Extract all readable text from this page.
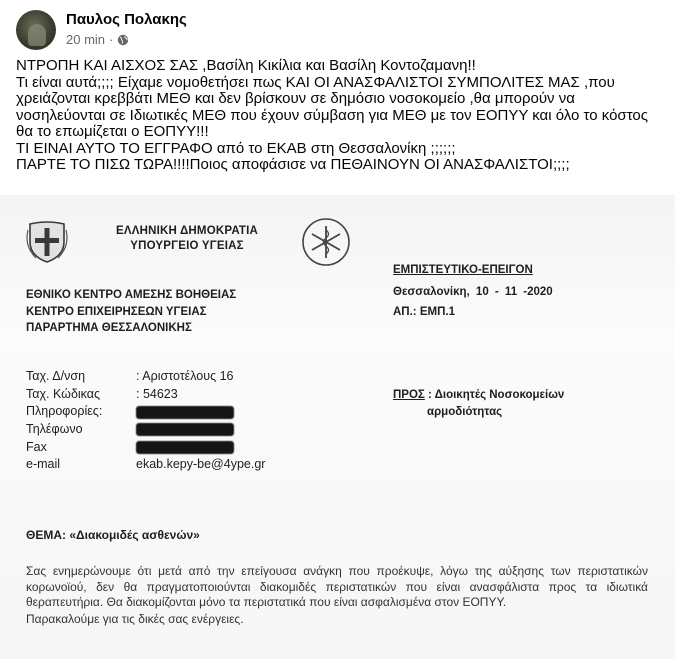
Παυλος Πολακης
20 min ·

ΝΤΡΟΠΗ ΚΑΙ ΑΙΣΧΟΣ ΣΑΣ ,Βασίλη Κικίλια και Βασίλη Κοντοζαμανη!!

Τι είναι αυτά;;;; Είχαμε νομοθετήσει πως ΚΑΙ ΟΙ ΑΝΑΣΦΑΛΙΣΤΟΙ ΣΥΜΠΟΛΙΤΕΣ ΜΑΣ ,που χρειάζονται κρεββάτι ΜΕΘ και δεν βρίσκουν σε δημόσιο νοσοκομείο ,θα μπορούν να νοσηλεύονται σε Ιδιωτικές ΜΕΘ που έχουν σύμβαση για ΜΕΘ με τον ΕΟΠΥΥ και όλο το κόστος θα το επωμίζεται ο ΕΟΠΥΥ!!!

ΤΙ ΕΙΝΑΙ ΑΥΤΟ ΤΟ ΕΓΓΡΑΦΟ από το ΕΚΑΒ στη Θεσσαλονίκη ;;;;;;

ΠΑΡΤΕ ΤΟ ΠΙΣΩ ΤΩΡΑ!!!!Ποιος αποφάσισε να ΠΕΘΑΙΝΟΥΝ ΟΙ ΑΝΑΣΦΑΛΙΣΤΟΙ;;;;

ΕΛΛΗΝΙΚΗ ΔΗΜΟΚΡΑΤΙΑ
ΥΠΟΥΡΓΕΙΟ ΥΓΕΙΑΣ
ΕΜΠΙΣΤΕΥΤΙΚΟ-ΕΠΕΙΓΟΝ
Θεσσαλονίκη, 10 - 11 -2020
ΑΠ.: ΕΜΠ.1
ΕΘΝΙΚΟ ΚΕΝΤΡΟ ΑΜΕΣΗΣ ΒΟΗΘΕΙΑΣ
ΚΕΝΤΡΟ ΕΠΙΧΕΙΡΗΣΕΩΝ ΥΓΕΙΑΣ
ΠΑΡΑΡΤΗΜΑ ΘΕΣΣΑΛΟΝΙΚΗΣ
Ταχ. Δ/νση	: Αριστοτέλους 16
Ταχ. Κώδικας	: 54623
Πληροφορίες:
Τηλέφωνο
Fax
e-mail	ekab.kepy-be@4ype.gr
ΠΡΟΣ : Διοικητές Νοσοκομείων
αρμοδιότητας
ΘΕΜΑ: «Διακομιδές ασθενών»

Σας ενημερώνουμε ότι μετά από την επείγουσα ανάγκη που προέκυψε, λόγω της αύξησης των περιστατικών κορωνοϊού, δεν θα πραγματοποιούνται διακομιδές περιστατικών που είναι ανασφάλιστα προς τα ιδιωτικά θεραπευτήρια. Θα διακομίζονται μόνο τα περιστατικά που είναι ασφαλισμένα στον ΕΟΠΥΥ.

Παρακαλούμε για τις δικές σας ενέργειες.
